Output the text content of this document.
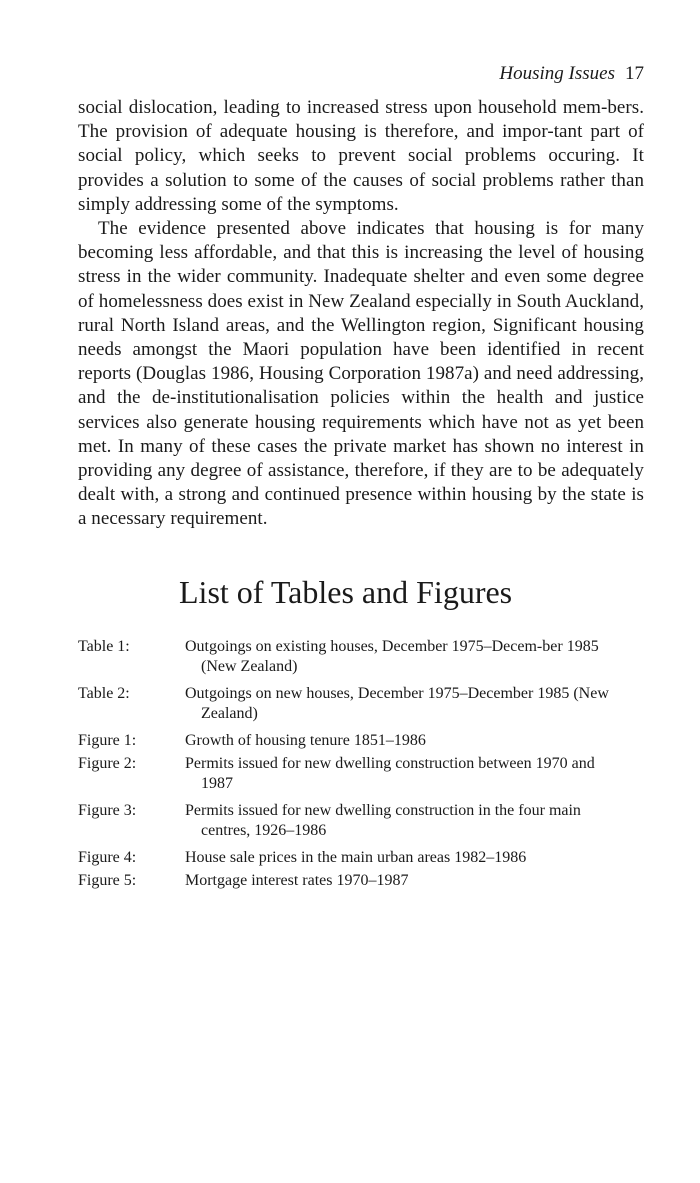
Housing Issues 17

social dislocation, leading to increased stress upon household mem-bers. The provision of adequate housing is therefore, and impor-tant part of social policy, which seeks to prevent social problems occuring. It provides a solution to some of the causes of social problems rather than simply addressing some of the symptoms.

The evidence presented above indicates that housing is for many becoming less affordable, and that this is increasing the level of housing stress in the wider community. Inadequate shelter and even some degree of homelessness does exist in New Zealand especially in South Auckland, rural North Island areas, and the Wellington region, Significant housing needs amongst the Maori population have been identified in recent reports (Douglas 1986, Housing Corporation 1987a) and need addressing, and the de-institutionalisation policies within the health and justice services also generate housing requirements which have not as yet been met. In many of these cases the private market has shown no interest in providing any degree of assistance, therefore, if they are to be adequately dealt with, a strong and continued presence within housing by the state is a necessary requirement.

List of Tables and Figures
Table 1:	Outgoings on existing houses, December 1975–Decem-ber 1985 (New Zealand)
Table 2:	Outgoings on new houses, December 1975–December 1985 (New Zealand)
Figure 1:	Growth of housing tenure 1851–1986
Figure 2:	Permits issued for new dwelling construction between 1970 and 1987
Figure 3:	Permits issued for new dwelling construction in the four main centres, 1926–1986
Figure 4:	House sale prices in the main urban areas 1982–1986
Figure 5:	Mortgage interest rates 1970–1987
